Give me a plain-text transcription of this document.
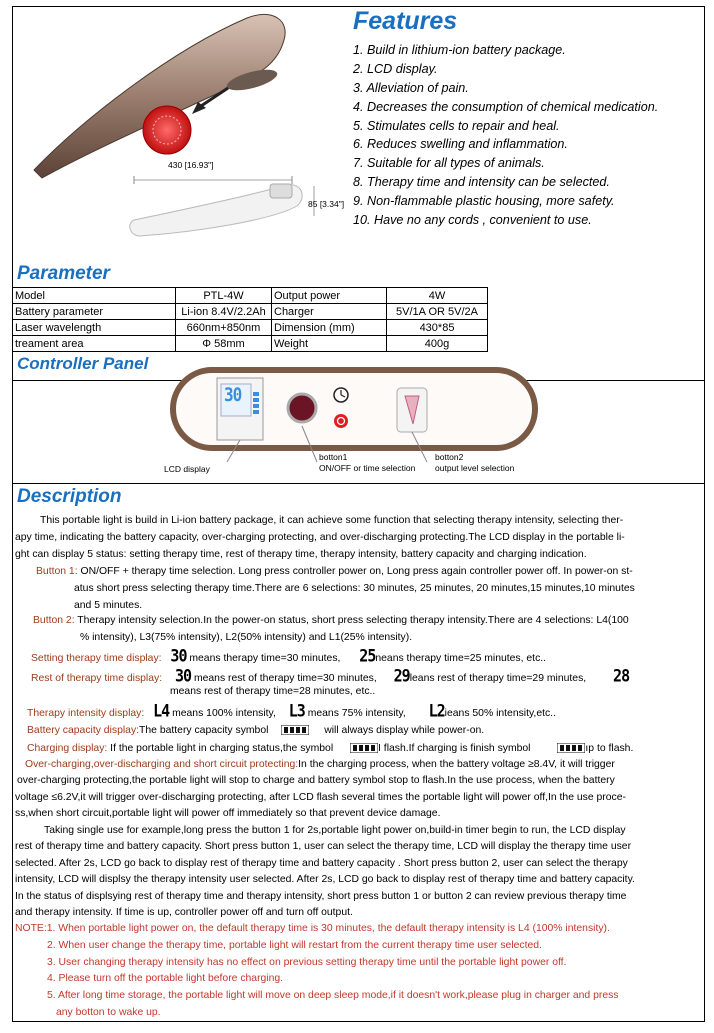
430 [16.93"]
85 [3.34"]
Features
1. Build in lithium-ion battery package.
2. LCD display.
3. Alleviation of pain.
4. Decreases the consumption of chemical medication.
5. Stimulates cells to repair and heal.
6. Reduces swelling and inflammation.
7. Suitable for all types of animals.
8. Therapy time and intensity can be selected.
9. Non-flammable plastic housing, more safety.
10. Have no any cords , convenient to use.
Parameter
Model	PTL-4W	Output power	4W
Battery parameter	Li-ion 8.4V/2.2Ah	Charger	5V/1A OR 5V/2A
Laser wavelength	660nm+850nm	Dimension (mm)	430*85
treament area	Φ 58mm	Weight	400g
Controller Panel
30
LCD display
botton1
ON/OFF or time selection
botton2
output level selection
Description
This portable light is build in Li-ion battery package, it can achieve some function that selecting therapy intensity, selecting ther-
apy time, indicating the battery capacity, over-charging protecting, and over-discharging protecting.The LCD display in the portable li-
ght can display 5 status: setting therapy time, rest of therapy time, therapy intensity, battery capacity and charging indication.
Button 1: ON/OFF + therapy time selection. Long press controller power on, Long press again controller power off. In power-on st-
atus short press selecting therapy time.There are 6 selections: 30 minutes, 25 minutes, 20 minutes,15 minutes,10 minutes
and 5 minutes.
Button 2: Therapy intensity selection.In the power-on status, short press selecting therapy intensity.There are 4 selections: L4(100
% intensity), L3(75% intensity), L2(50% intensity) and L1(25% intensity).
Setting therapy time display: 30 means therapy time=30 minutes, 25neans therapy time=25 minutes, etc..
Rest of therapy time display: 30 means rest of therapy time=30 minutes, 29leans rest of therapy time=29 minutes, 28
means rest of therapy time=28 minutes, etc..
Therapy intensity display: L4 means 100% intensity, L3 means 75% intensity, L2ieans 50% intensity,etc..
Battery capacity display:The battery capacity symbol	will always display while power-on.
Charging display: If the portable light in charging status,the symbol	I flash.If charging is finish symbol	ıp to flash.
Over-charging,over-discharging and short circuit protecting:In the charging process, when the battery voltage ≥8.4V, it will trigger
over-charging protecting,the portable light will stop to charge and battery symbol stop to flash.In the use process, when the battery
voltage ≤6.2V,it will trigger over-discharging protecting, after LCD flash several times the portable light will power off,In the use proce-
ss,when short circuit,portable light will power off immediately so that prevent device damage.
Taking single use for example,long press the button 1 for 2s,portable light power on,build-in timer begin to run, the LCD display
rest of therapy time and battery capacity. Short press button 1, user can select the therapy time, LCD will display the therapy time user
selected. After 2s, LCD go back to display rest of therapy time and battery capacity . Short press button 2, user can select the therapy
intensity, LCD will displsy the therapy intensity user selected. After 2s, LCD go back to display rest of therapy time and battery capacity.
In the status of displsying rest of therapy time and therapy intensity, short press button 1 or button 2 can review previous therapy time
and therapy intensity. If time is up, controller power off and turn off output.
NOTE:1. When portable light power on, the default therapy time is 30 minutes, the default therapy intensity is L4 (100% intensity).
2. When user change the therapy time, portable light will restart from the current therapy time user selected.
3. User changing therapy intensity has no effect on previous setting therapy time until the portable light power off.
4. Please turn off the portable light before charging.
5. After long time storage, the portable light will move on deep sleep mode,if it doesn't work,please plug in charger and press
any botton to wake up.
